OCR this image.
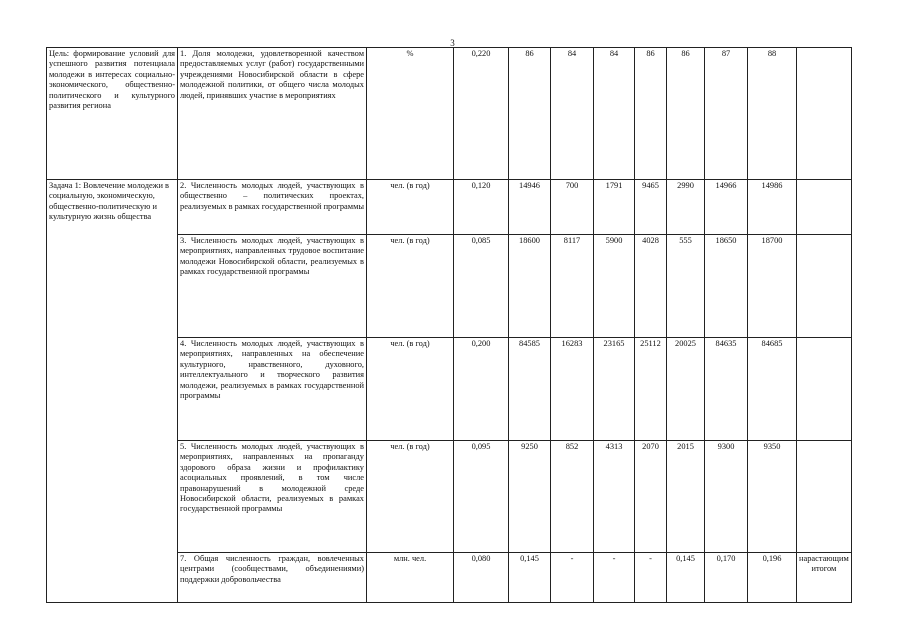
3
Цель: формирование условий для успешного развития потенциала молодежи в интересах социально-экономического, общественно-политического и культурного развития региона	1. Доля молодежи, удовлетворенной качеством предоставляемых услуг (работ) государственными учреждениями Новосибирской области в сфере молодежной политики, от общего числа молодых людей, принявших участие в мероприятиях	%	0,220	86	84	84	86	86	87	88	
Задача 1: Вовлечение молодежи в социальную, экономическую, общественно-политическую и культурную жизнь общества	2. Численность молодых людей, участвующих в общественно – политических проектах, реализуемых в рамках государственной программы	чел. (в год)	0,120	14946	700	1791	9465	2990	14966	14986	
	3. Численность молодых людей, участвующих в мероприятиях, направленных трудовое воспитание молодежи Новосибирской области, реализуемых в рамках государственной программы	чел. (в год)	0,085	18600	8117	5900	4028	555	18650	18700	
	4. Численность молодых людей, участвующих в мероприятиях, направленных на обеспечение культурного, нравственного, духовного, интеллектуального и творческого развития молодежи, реализуемых в рамках государственной программы	чел. (в год)	0,200	84585	16283	23165	25112	20025	84635	84685	
	5. Численность молодых людей, участвующих в мероприятиях, направленных на пропаганду здорового образа жизни и профилактику асоциальных проявлений, в том числе правонарушений в молодежной среде Новосибирской области, реализуемых в рамках государственной программы	чел. (в год)	0,095	9250	852	4313	2070	2015	9300	9350	
	7. Общая численность граждан, вовлеченных центрами (сообществами, объединениями) поддержки добровольчества	млн. чел.	0,080	0,145	-	-	-	0,145	0,170	0,196	нарастающим итогом
